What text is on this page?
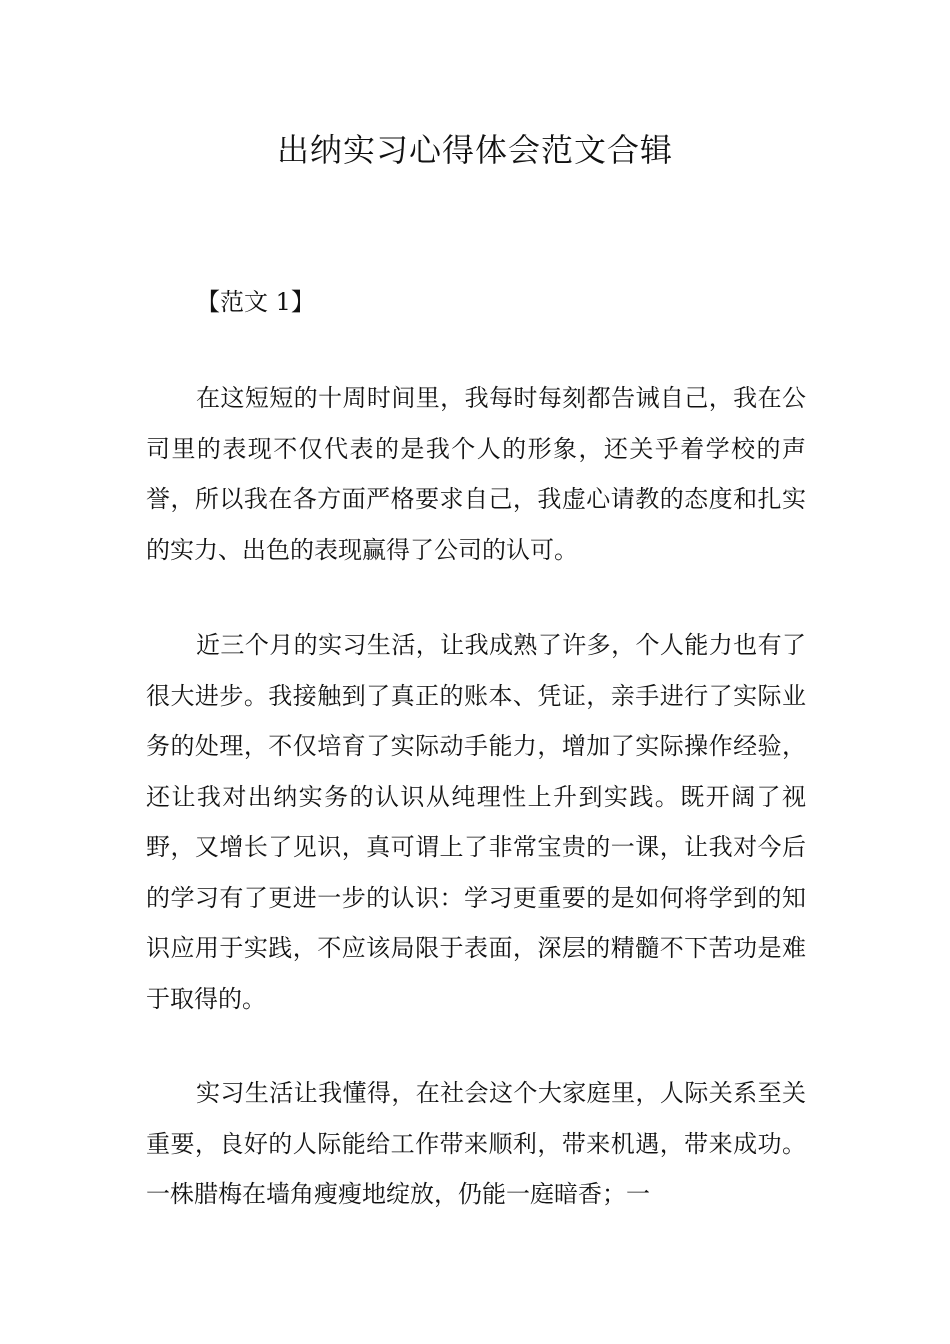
出纳实习心得体会范文合辑
【范文 1】

在这短短的十周时间里，我每时每刻都告诫自己，我在公司里的表现不仅代表的是我个人的形象，还关乎着学校的声誉，所以我在各方面严格要求自己，我虚心请教的态度和扎实的实力、出色的表现赢得了公司的认可。

近三个月的实习生活，让我成熟了许多，个人能力也有了很大进步。我接触到了真正的账本、凭证，亲手进行了实际业务的处理，不仅培育了实际动手能力，增加了实际操作经验，还让我对出纳实务的认识从纯理性上升到实践。既开阔了视野，又增长了见识，真可谓上了非常宝贵的一课，让我对今后的学习有了更进一步的认识：学习更重要的是如何将学到的知识应用于实践，不应该局限于表面，深层的精髓不下苦功是难于取得的。

实习生活让我懂得，在社会这个大家庭里，人际关系至关重要，良好的人际能给工作带来顺利，带来机遇，带来成功。一株腊梅在墙角瘦瘦地绽放，仍能一庭暗香；一
